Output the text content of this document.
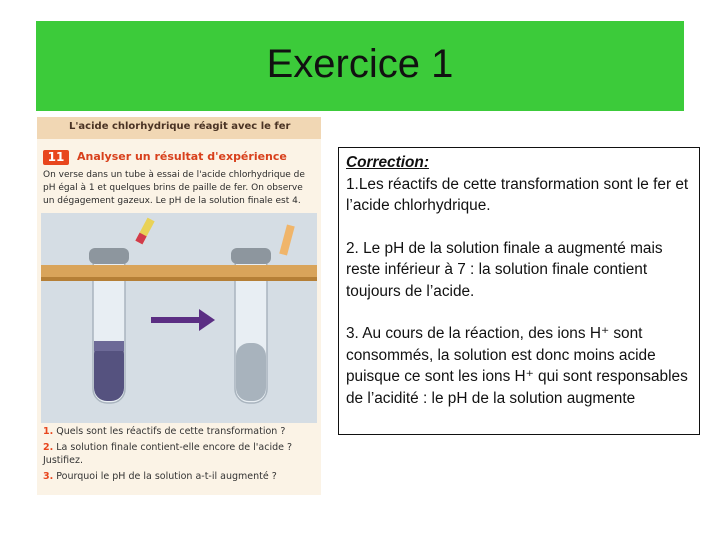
Exercice 1
L'acide chlorhydrique réagit avec le fer
11	Analyser un résultat d'expérience
On verse dans un tube à essai de l'acide chlorhydrique de pH égal à 1 et quelques brins de paille de fer. On observe un dégagement gazeux. Le pH de la solution finale est 4.

1. Quels sont les réactifs de cette transformation ?

2. La solution finale contient-elle encore de l'acide ? Justifiez.

3. Pourquoi le pH de la solution a-t-il augmenté ?

Correction:

1.Les réactifs de cette transformation sont le fer et l’acide chlorhydrique.

2. Le pH de la solution finale a augmenté mais reste inférieur à 7 : la solution finale contient toujours de l’acide.

3. Au cours de la réaction, des ions H⁺ sont consommés, la solution est donc moins acide puisque ce sont les ions H⁺ qui sont responsables de l’acidité : le pH de la solution augmente
